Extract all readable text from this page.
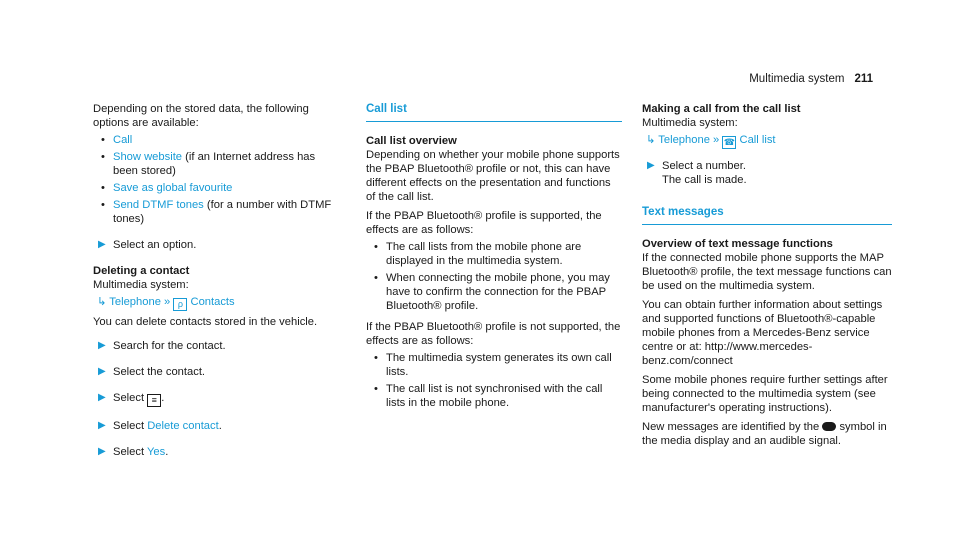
Multimedia system 211

Depending on the stored data, the following options are available:

• Call
• Show website (if an Internet address has been stored)
• Save as global favourite
• Send DTMF tones (for a number with DTMF tones)
▶ Select an option.

Deleting a contact

Multimedia system:

↳ Telephone » ρ Contacts

You can delete contacts stored in the vehicle.

▶ Search for the contact.
▶ Select the contact.
▶ Select ≡ .
▶ Select Delete contact.
▶ Select Yes.
Call list

Call list overview

Depending on whether your mobile phone supports the PBAP Bluetooth® profile or not, this can have different effects on the presentation and functions of the call list.

If the PBAP Bluetooth® profile is supported, the effects are as follows:

• The call lists from the mobile phone are displayed in the multimedia system.
• When connecting the mobile phone, you may have to confirm the connection for the PBAP Bluetooth® profile.

If the PBAP Bluetooth® profile is not supported, the effects are as follows:

• The multimedia system generates its own call lists.
• The call list is not synchronised with the call lists in the mobile phone.

Making a call from the call list

Multimedia system:

↳ Telephone » ☎ Call list

▶ Select a number.
The call is made.
Text messages

Overview of text message functions

If the connected mobile phone supports the MAP Bluetooth® profile, the text message functions can be used on the multimedia system.

You can obtain further information about settings and supported functions of Bluetooth®-capable mobile phones from a Mercedes-Benz service centre or at: http://www.mercedes-benz.com/connect

Some mobile phones require further settings after being connected to the multimedia system (see manufacturer's operating instructions).

New messages are identified by the symbol in the media display and an audible signal.
